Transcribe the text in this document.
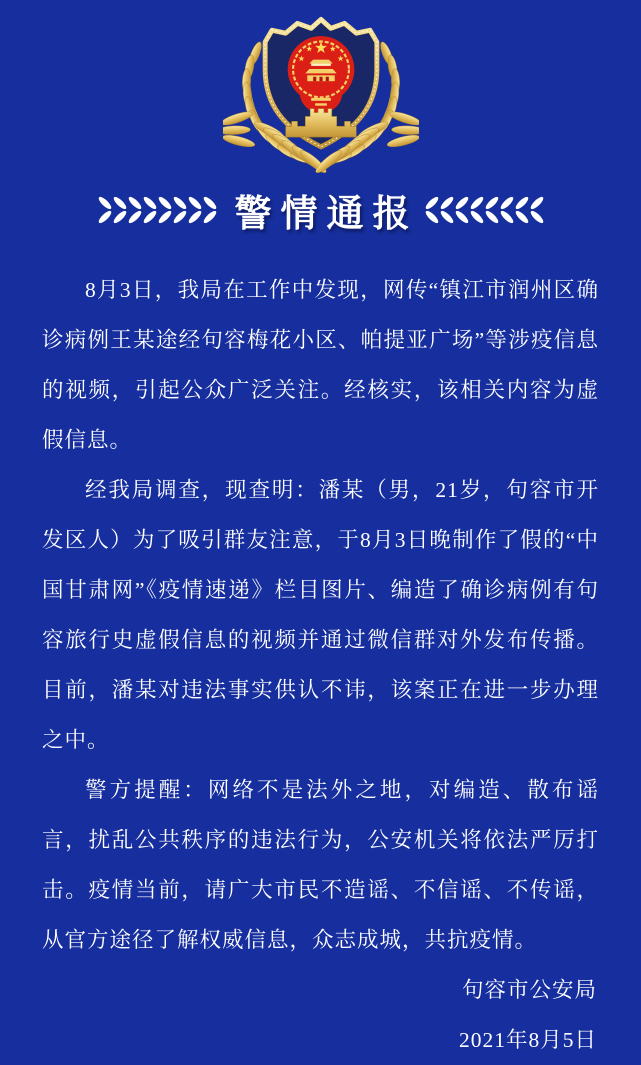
警情通报

8月3日，我局在工作中发现，网传“镇江市润州区确诊病例王某途经句容梅花小区、帕提亚广场”等涉疫信息的视频，引起公众广泛关注。经核实，该相关内容为虚假信息。

经我局调查，现查明：潘某（男，21岁，句容市开发区人）为了吸引群友注意，于8月3日晚制作了假的“中国甘肃网”《疫情速递》栏目图片、编造了确诊病例有句容旅行史虚假信息的视频并通过微信群对外发布传播。目前，潘某对违法事实供认不讳，该案正在进一步办理之中。

警方提醒：网络不是法外之地，对编造、散布谣言，扰乱公共秩序的违法行为，公安机关将依法严厉打击。疫情当前，请广大市民不造谣、不信谣、不传谣，从官方途径了解权威信息，众志成城，共抗疫情。

句容市公安局

2021年8月5日
